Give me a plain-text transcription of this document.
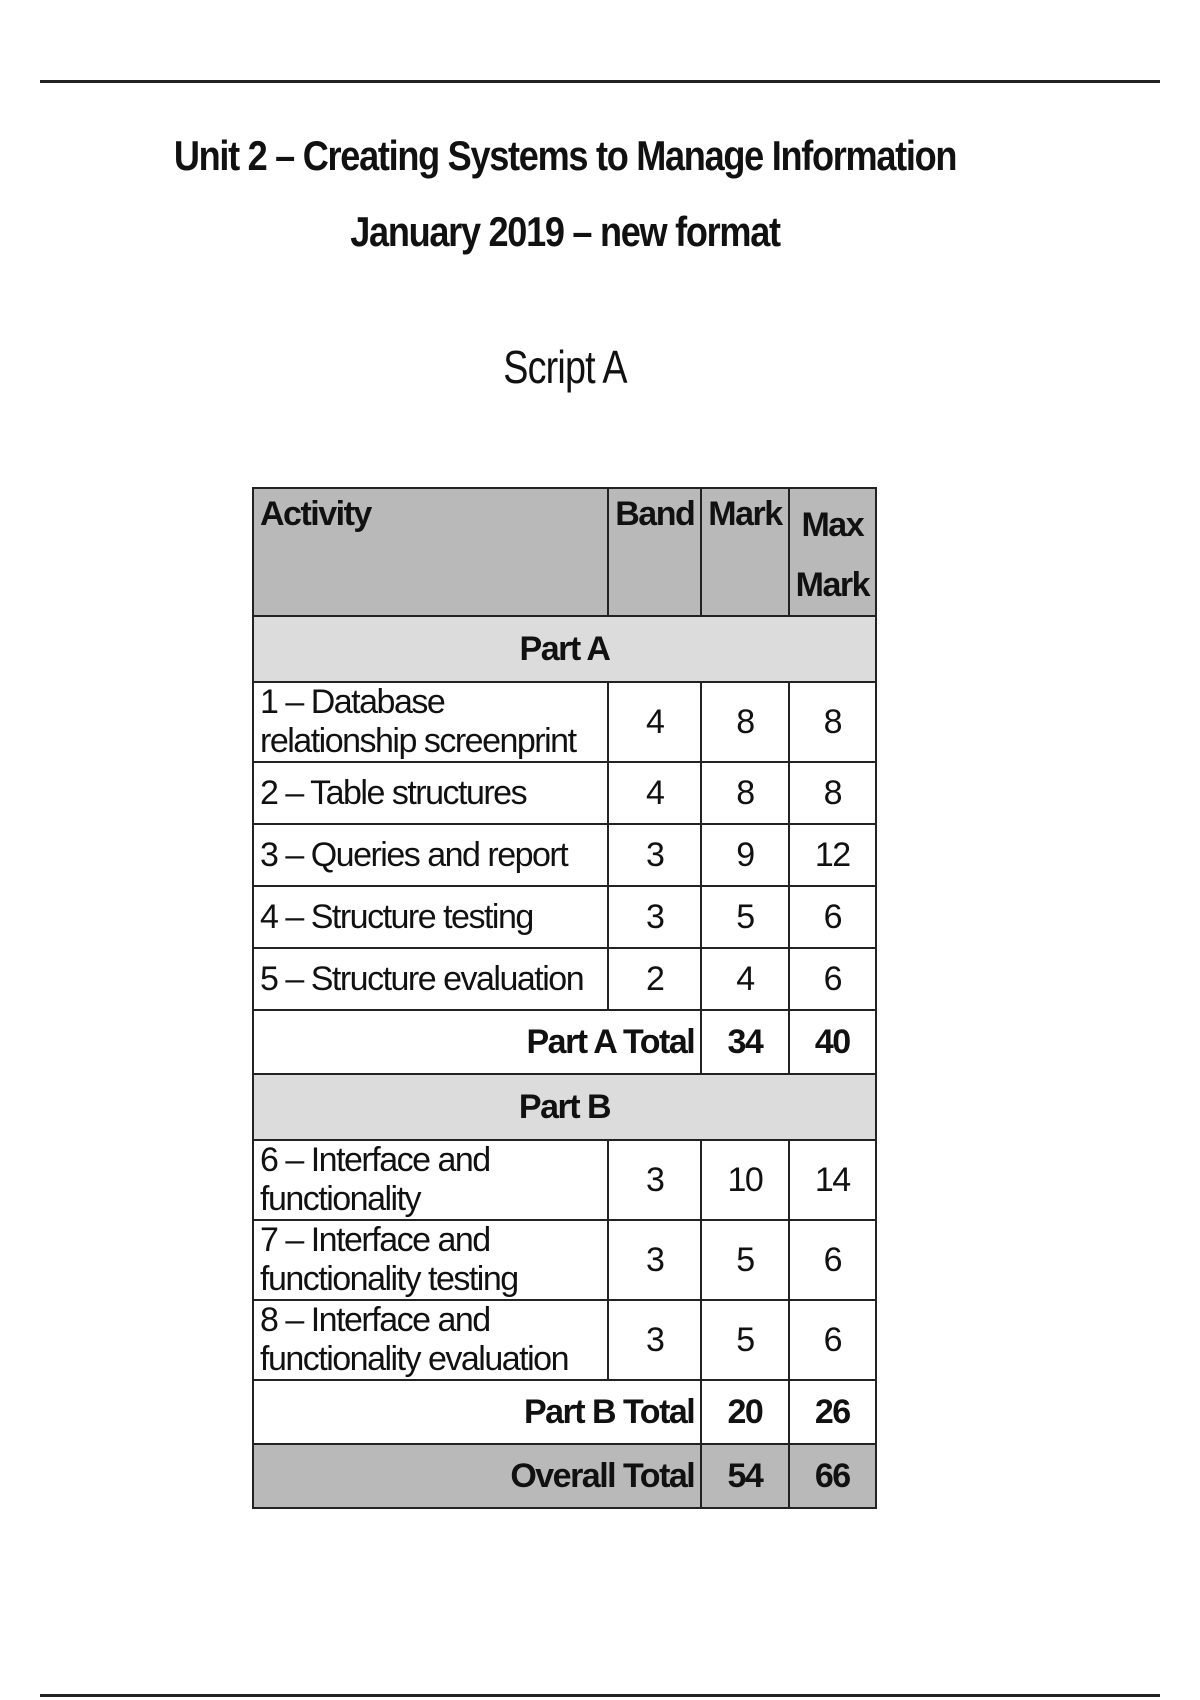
Unit 2 – Creating Systems to Manage Information

January 2019 – new format

Script A
Activity	Band	Mark	Max
Mark
Part A			
1 – Database relationship screenprint	4	8	8
2 – Table structures	4	8	8
3 – Queries and report	3	9	12
4 – Structure testing	3	5	6
5 – Structure evaluation	2	4	6
Part A Total		34	40
Part B			
6 – Interface and functionality	3	10	14
7 – Interface and functionality testing	3	5	6
8 – Interface and functionality evaluation	3	5	6
Part B Total		20	26
Overall Total		54	66
